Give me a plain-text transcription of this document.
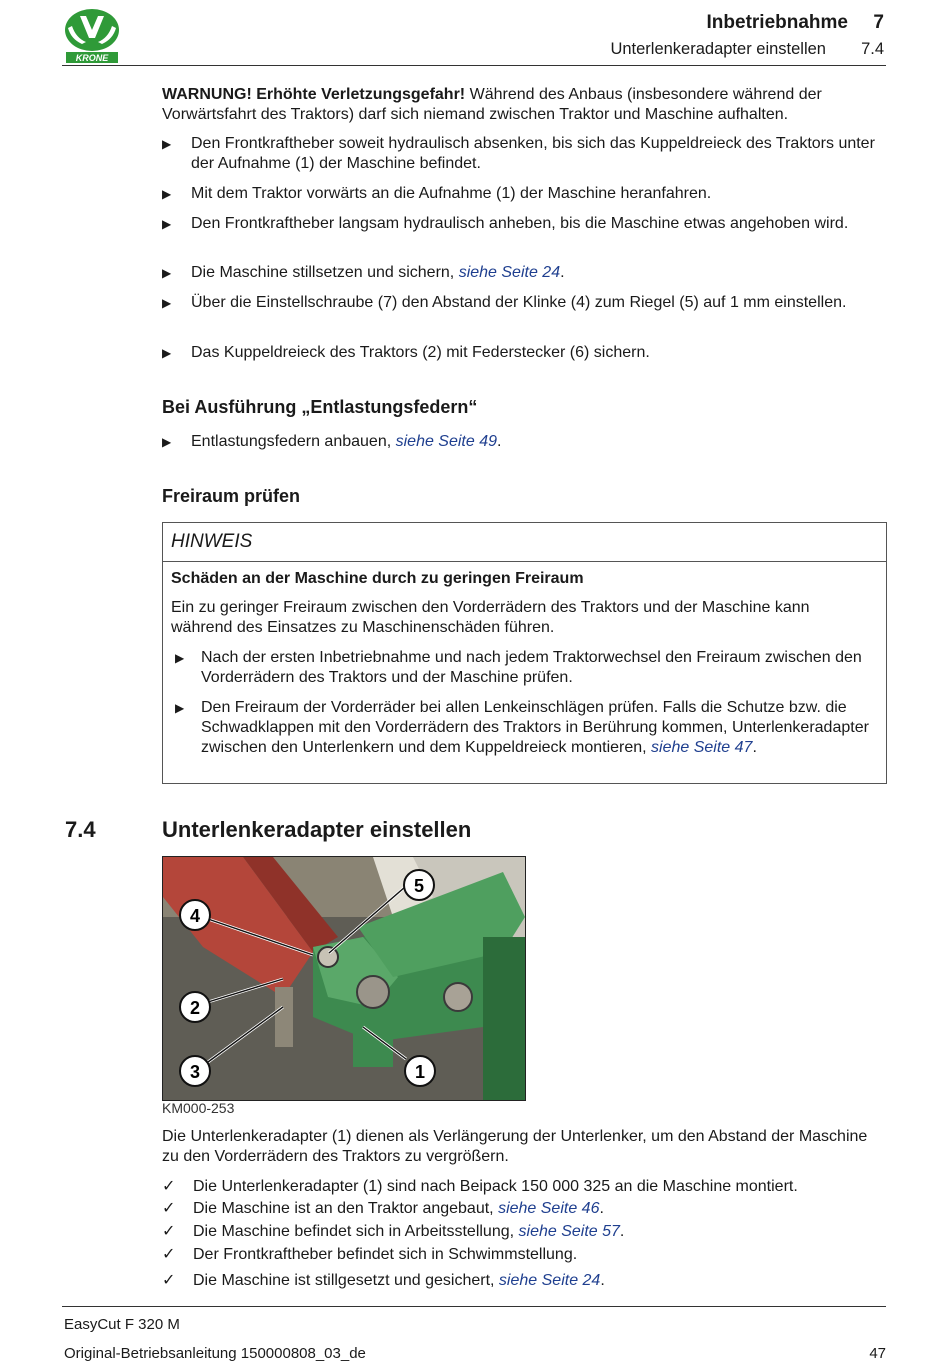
KRONE
Inbetriebnahme 7
Unterlenkeradapter einstellen 7.4
WARNUNG! Erhöhte Verletzungsgefahr! Während des Anbaus (insbesondere während der Vorwärtsfahrt des Traktors) darf sich niemand zwischen Traktor und Maschine aufhalten.
▶ Den Frontkraftheber soweit hydraulisch absenken, bis sich das Kuppeldreieck des Traktors unter der Aufnahme (1) der Maschine befindet.
▶ Mit dem Traktor vorwärts an die Aufnahme (1) der Maschine heranfahren.
▶ Den Frontkraftheber langsam hydraulisch anheben, bis die Maschine etwas angehoben wird.
▶ Die Maschine stillsetzen und sichern, siehe Seite 24.
▶ Über die Einstellschraube (7) den Abstand der Klinke (4) zum Riegel (5) auf 1 mm einstellen.
▶ Das Kuppeldreieck des Traktors (2) mit Federstecker (6) sichern.
Bei Ausführung „Entlastungsfedern“
▶ Entlastungsfedern anbauen, siehe Seite 49.
Freiraum prüfen
HINWEIS
Schäden an der Maschine durch zu geringen Freiraum
Ein zu geringer Freiraum zwischen den Vorderrädern des Traktors und der Maschine kann während des Einsatzes zu Maschinenschäden führen.
▶ Nach der ersten Inbetriebnahme und nach jedem Traktorwechsel den Freiraum zwischen den Vorderrädern des Traktors und der Maschine prüfen.
▶ Den Freiraum der Vorderräder bei allen Lenkeinschlägen prüfen. Falls die Schutze bzw. die Schwadklappen mit den Vorderrädern des Traktors in Berührung kommen, Unterlenkeradapter zwischen den Unterlenkern und dem Kuppeldreieck montieren, siehe Seite 47.
7.4	Unterlenkeradapter einstellen
4
5
2
3	1
KM000-253
Die Unterlenkeradapter (1) dienen als Verlängerung der Unterlenker, um den Abstand der Maschine zu den Vorderrädern des Traktors zu vergrößern.
✓ Die Unterlenkeradapter (1) sind nach Beipack 150 000 325 an die Maschine montiert.
✓ Die Maschine ist an den Traktor angebaut, siehe Seite 46.
✓ Die Maschine befindet sich in Arbeitsstellung, siehe Seite 57.
✓ Der Frontkraftheber befindet sich in Schwimmstellung.
✓ Die Maschine ist stillgesetzt und gesichert, siehe Seite 24.
EasyCut F 320 M
Original-Betriebsanleitung 150000808_03_de	47
